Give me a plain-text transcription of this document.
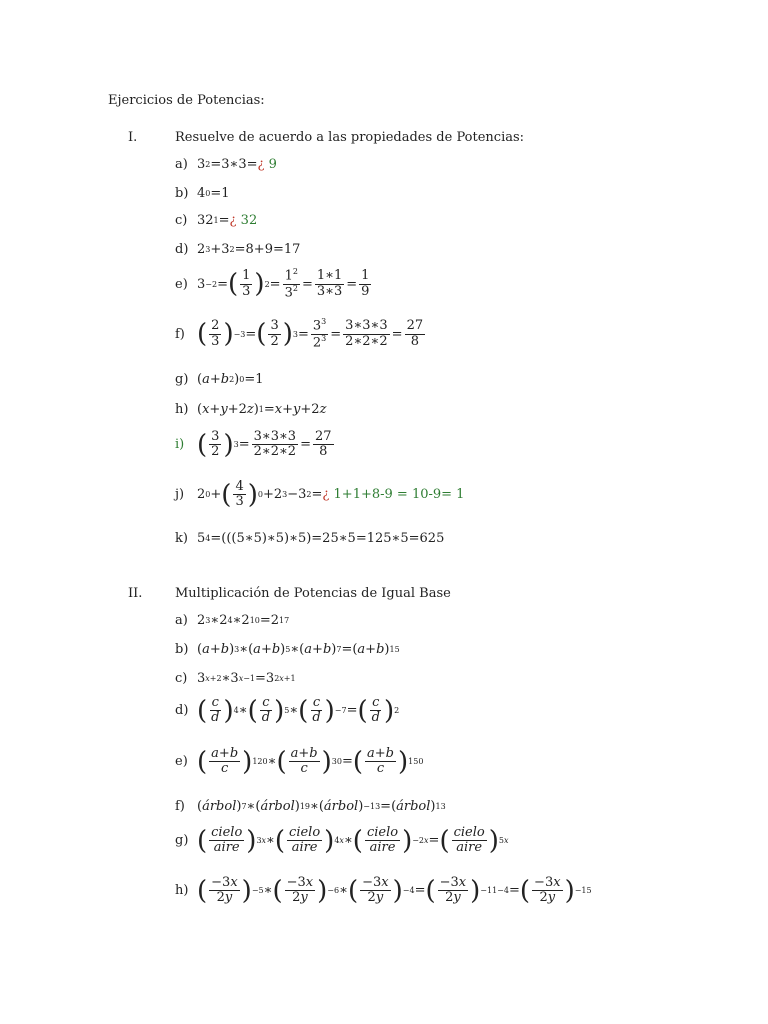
Ejercicios de Potencias:
I.	Resuelve de acuerdo a las propiedades de Potencias:
a) 3 2 =3∗3= ¿
9
b) 4 0 =1
c) 32 1 = ¿
32
d) 2 3 +3 2 =8+9=17
e) 3 −2 = ( $\frac{1}{3}$ ) $2 = \frac{1^2}{3^2} = \frac{1∗1}{3∗3} = \frac{1}{9}$
f) ( $\frac{2}{3}$ ) −3 = ( $\frac{3}{2}$ ) $3 = \frac{3^3}{2^3} = \frac{3∗3∗3}{2∗2∗2} = \frac{27}{8}$
g) ( a + b 2 ) 0 =1
h) ( x + y +2 z ) 1 = x + y +2 z
i) ( $\frac{3}{2}$ ) $3 = \frac{3∗3∗3}{2∗2∗2} = \frac{27}{8}$
j) 2 0 + ( $\frac{4}{3}$ ) 0 +2 3 −3 2 = ¿
1+1+8-9 = 10-9= 1
k) 5 4 =(((5∗5)∗5)∗5)=25∗5=125∗5=625
II.	Multiplicación de Potencias de Igual Base
a) 2 3 ∗2 4 ∗2 10 =2 17
b) ( a + b ) 3 ∗( a + b ) 5 ∗( a + b ) 7 =( a + b ) 15
c) 3 x+2 ∗3 x−1 =3 2x+1
d) ( $\frac{c}{d}$ ) 4 ∗ ( $\frac{c}{d}$ ) 5 ∗ ( $\frac{c}{d}$ ) −7 = ( $\frac{c}{d}$ ) 2
e) ( $\frac{a+b}{c}$ ) 120 ∗ ( $\frac{a+b}{c}$ ) 30 = ( $\frac{a+b}{c}$ ) 150
f) ( árbol ) 7 ∗( árbol ) 19 ∗( árbol ) −13 =( árbol ) 13
g) ( $\frac{\text{cielo}}{\text{aire}}$ ) 3x ∗ ( $\frac{\text{cielo}}{\text{aire}}$ ) 4x ∗ ( $\frac{\text{cielo}}{\text{aire}}$ ) −2x = ( $\frac{\text{cielo}}{\text{aire}}$ ) 5x
h) ( $\frac{-3x}{2y}$ ) −5 ∗ ( $\frac{-3x}{2y}$ ) −6 ∗ ( $\frac{-3x}{2y}$ ) −4 = ( $\frac{-3x}{2y}$ ) −11−4 = ( $\frac{-3x}{2y}$ ) −15
